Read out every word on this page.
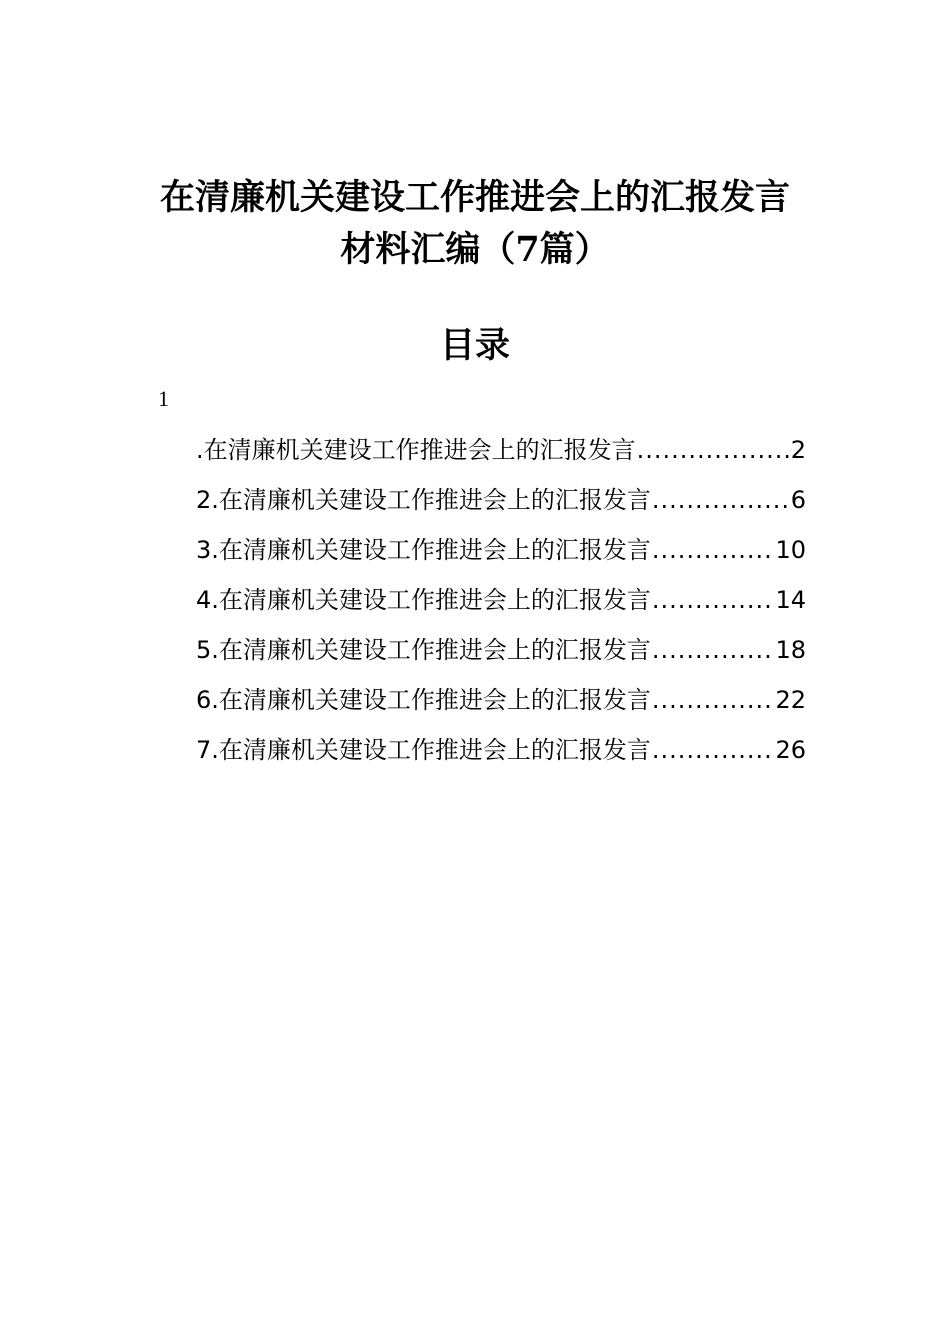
在清廉机关建设工作推进会上的汇报发言
材料汇编（7篇）
目录
1
.在清廉机关建设工作推进会上的汇报发言 .....	2
2.在清廉机关建设工作推进会上的汇报发言 .....	6
3.在清廉机关建设工作推进会上的汇报发言 .....	10
4.在清廉机关建设工作推进会上的汇报发言 .....	14
5.在清廉机关建设工作推进会上的汇报发言 .....	18
6.在清廉机关建设工作推进会上的汇报发言 .....	22
7.在清廉机关建设工作推进会上的汇报发言 .....	26
